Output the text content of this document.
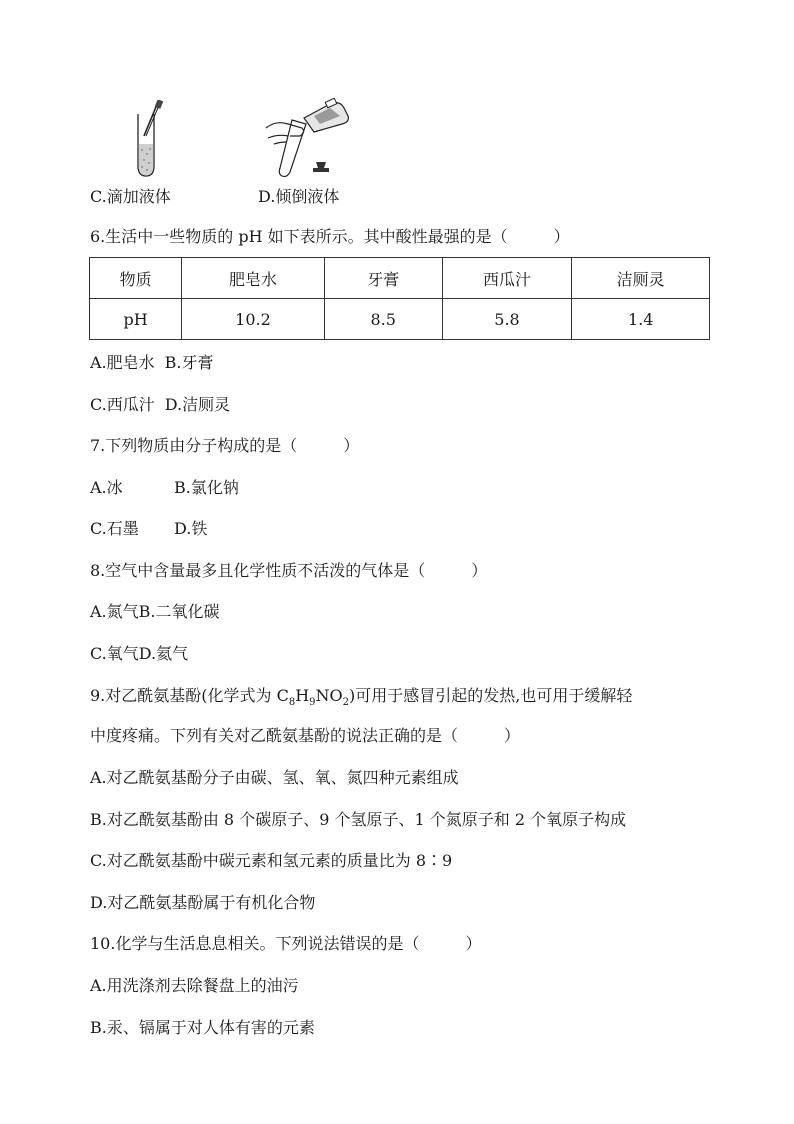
C.滴加液体	D.倾倒液体
6.生活中一些物质的 pH 如下表所示。其中酸性最强的是（	）
物质	肥皂水	牙膏	西瓜汁	洁厕灵
pH	10.2	8.5	5.8	1.4
A.肥皂水 B.牙膏
C.西瓜汁 D.洁厕灵
7.下列物质由分子构成的是（	）
A.冰	B.氯化钠
C.石墨 D.铁
8.空气中含量最多且化学性质不活泼的气体是（	）
A.氮气B.二氧化碳
C.氧气D.氦气
9.对乙酰氨基酚(化学式为 $C_8H_9NO_2$)可用于感冒引起的发热,也可用于缓解轻
中度疼痛。下列有关对乙酰氨基酚的说法正确的是（	）
A.对乙酰氨基酚分子由碳、氢、氧、氮四种元素组成
B.对乙酰氨基酚由 8 个碳原子、9 个氢原子、1 个氮原子和 2 个氧原子构成
C.对乙酰氨基酚中碳元素和氢元素的质量比为 8∶9
D.对乙酰氨基酚属于有机化合物
10.化学与生活息息相关。下列说法错误的是（	）
A.用洗涤剂去除餐盘上的油污
B.汞、镉属于对人体有害的元素
